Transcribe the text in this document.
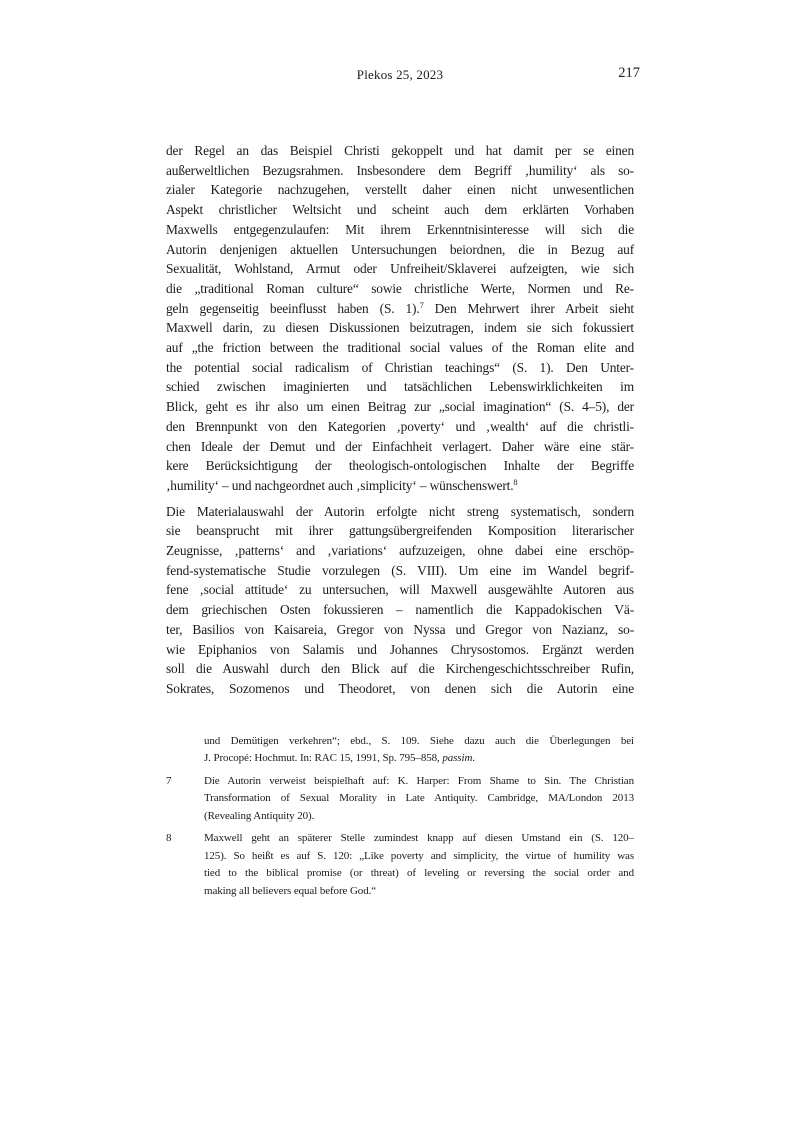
Plekos 25, 2023	217
der Regel an das Beispiel Christi gekoppelt und hat damit per se einen
außerweltlichen Bezugsrahmen. Insbesondere dem Begriff ‚humility‘ als so-
zialer Kategorie nachzugehen, verstellt daher einen nicht unwesentlichen
Aspekt christlicher Weltsicht und scheint auch dem erklärten Vorhaben
Maxwells entgegenzulaufen: Mit ihrem Erkenntnisinteresse will sich die
Autorin denjenigen aktuellen Untersuchungen beiordnen, die in Bezug auf
Sexualität, Wohlstand, Armut oder Unfreiheit/Sklaverei aufzeigten, wie sich
die „traditional Roman culture“ sowie christliche Werte, Normen und Re-
geln gegenseitig beeinflusst haben (S. 1).$^7$ Den Mehrwert ihrer Arbeit sieht
Maxwell darin, zu diesen Diskussionen beizutragen, indem sie sich fokussiert
auf „the friction between the traditional social values of the Roman elite and
the potential social radicalism of Christian teachings“ (S. 1). Den Unter-
schied zwischen imaginierten und tatsächlichen Lebenswirklichkeiten im
Blick, geht es ihr also um einen Beitrag zur „social imagination“ (S. 4–5), der
den Brennpunkt von den Kategorien ‚poverty‘ und ‚wealth‘ auf die christli-
chen Ideale der Demut und der Einfachheit verlagert. Daher wäre eine stär-
kere Berücksichtigung der theologisch-ontologischen Inhalte der Begriffe
‚humility‘ – und nachgeordnet auch ‚simplicity‘ – wünschenswert.$^8$
Die Materialauswahl der Autorin erfolgte nicht streng systematisch, sondern
sie beansprucht mit ihrer gattungsübergreifenden Komposition literarischer
Zeugnisse, ‚patterns‘ and ‚variations‘ aufzuzeigen, ohne dabei eine erschöp-
fend-systematische Studie vorzulegen (S. VIII). Um eine im Wandel begrif-
fene ‚social attitude‘ zu untersuchen, will Maxwell ausgewählte Autoren aus
dem griechischen Osten fokussieren – namentlich die Kappadokischen Vä-
ter, Basilios von Kaisareia, Gregor von Nyssa und Gregor von Nazianz, so-
wie Epiphanios von Salamis und Johannes Chrysostomos. Ergänzt werden
soll die Auswahl durch den Blick auf die Kirchengeschichtsschreiber Rufin,
Sokrates, Sozomenos und Theodoret, von denen sich die Autorin eine
und Demütigen verkehren“; ebd., S. 109. Siehe dazu auch die Überlegungen bei
J. Procopé: Hochmut. In: RAC 15, 1991, Sp. 795–858, passim.
7	Die Autorin verweist beispielhaft auf: K. Harper: From Shame to Sin. The Christian
Transformation of Sexual Morality in Late Antiquity. Cambridge, MA/London 2013
(Revealing Antiquity 20).
8	Maxwell geht an späterer Stelle zumindest knapp auf diesen Umstand ein (S. 120–
125). So heißt es auf S. 120: „Like poverty and simplicity, the virtue of humility was
tied to the biblical promise (or threat) of leveling or reversing the social order and
making all believers equal before God.“
